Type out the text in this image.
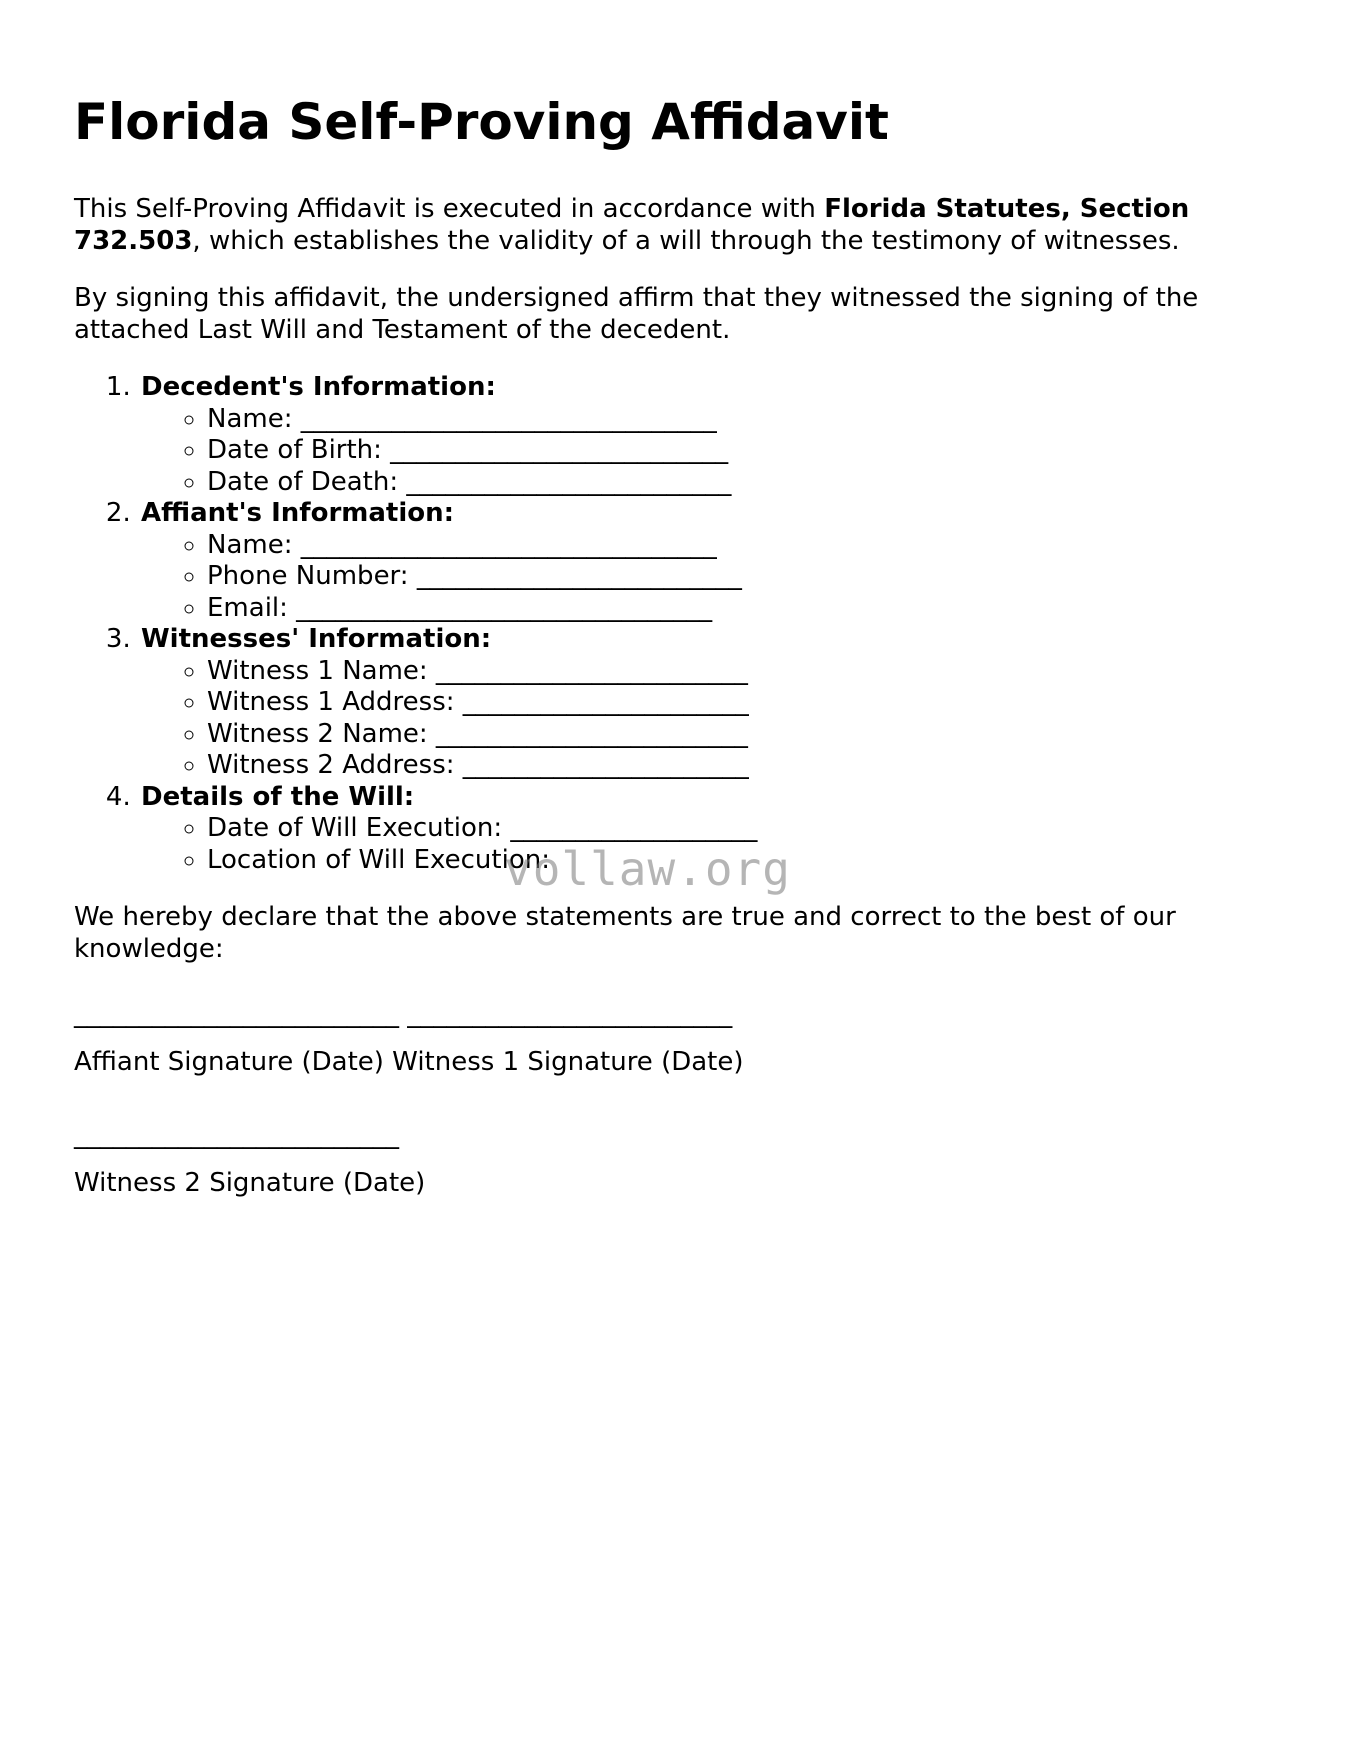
Florida Self-Proving Affidavit

This Self-Proving Affidavit is executed in accordance with Florida Statutes, Section 732.503, which establishes the validity of a will through the testimony of witnesses.

By signing this affidavit, the undersigned affirm that they witnessed the signing of the attached Last Will and Testament of the decedent.

1. Decedent's Information:
◦ Name: ________________________________
◦ Date of Birth: __________________________
◦ Date of Death: _________________________
2. Affiant's Information:
◦ Name: ________________________________
◦ Phone Number: _________________________
◦ Email: ________________________________
3. Witnesses' Information:
◦ Witness 1 Name: ________________________
◦ Witness 1 Address: ______________________
◦ Witness 2 Name: ________________________
◦ Witness 2 Address: ______________________
4. Details of the Will:
◦ Date of Will Execution: ___________________
◦ Location of Will Execution:

We hereby declare that the above statements are true and correct to the best of our knowledge:

_________________________ _________________________

Affiant Signature (Date) Witness 1 Signature (Date)

_________________________

Witness 2 Signature (Date)

vollaw.org
